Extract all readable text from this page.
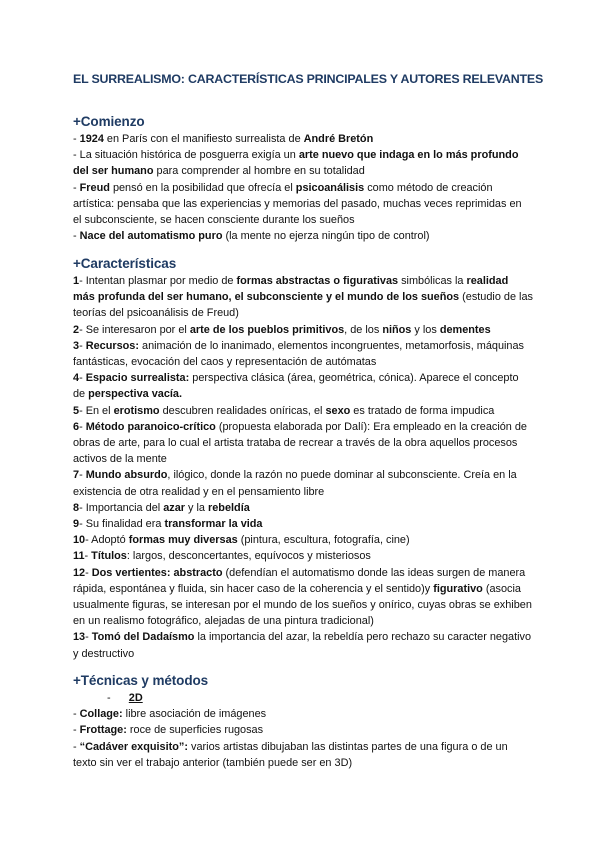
EL SURREALISMO: CARACTERÍSTICAS PRINCIPALES Y AUTORES RELEVANTES
+Comienzo

- 1924 en París con el manifiesto surrealista de André Bretón

- La situación histórica de posguerra exigía un arte nuevo que indaga en lo más profundo del ser humano para comprender al hombre en su totalidad

- Freud pensó en la posibilidad que ofrecía el psicoanálisis como método de creación artística: pensaba que las experiencias y memorias del pasado, muchas veces reprimidas en el subconsciente, se hacen consciente durante los sueños

- Nace del automatismo puro (la mente no ejerza ningún tipo de control)

+Características

1- Intentan plasmar por medio de formas abstractas o figurativas simbólicas la realidad más profunda del ser humano, el subconsciente y el mundo de los sueños (estudio de las teorías del psicoanálisis de Freud)

2- Se interesaron por el arte de los pueblos primitivos, de los niños y los dementes

3- Recursos: animación de lo inanimado, elementos incongruentes, metamorfosis, máquinas fantásticas, evocación del caos y representación de autómatas

4- Espacio surrealista: perspectiva clásica (área, geométrica, cónica). Aparece el concepto de perspectiva vacía.

5- En el erotismo descubren realidades oníricas, el sexo es tratado de forma impudica

6- Método paranoico-crítico (propuesta elaborada por Dalí): Era empleado en la creación de obras de arte, para lo cual el artista trataba de recrear a través de la obra aquellos procesos activos de la mente

7- Mundo absurdo, ilógico, donde la razón no puede dominar al subconsciente. Creía en la existencia de otra realidad y en el pensamiento libre

8- Importancia del azar y la rebeldía

9- Su finalidad era transformar la vida

10- Adoptó formas muy diversas (pintura, escultura, fotografía, cine)

11- Títulos: largos, desconcertantes, equívocos y misteriosos

12- Dos vertientes: abstracto (defendían el automatismo donde las ideas surgen de manera rápida, espontánea y fluida, sin hacer caso de la coherencia y el sentido)y figurativo (asocia usualmente figuras, se interesan por el mundo de los sueños y onírico, cuyas obras se exhiben en un realismo fotográfico, alejadas de una pintura tradicional)

13- Tomó del Dadaísmo la importancia del azar, la rebeldía pero rechazo su caracter negativo y destructivo

+Técnicas y métodos

- 2D

- Collage: libre asociación de imágenes

- Frottage: roce de superficies rugosas

- “Cadáver exquisito”: varios artistas dibujaban las distintas partes de una figura o de un texto sin ver el trabajo anterior (también puede ser en 3D)
